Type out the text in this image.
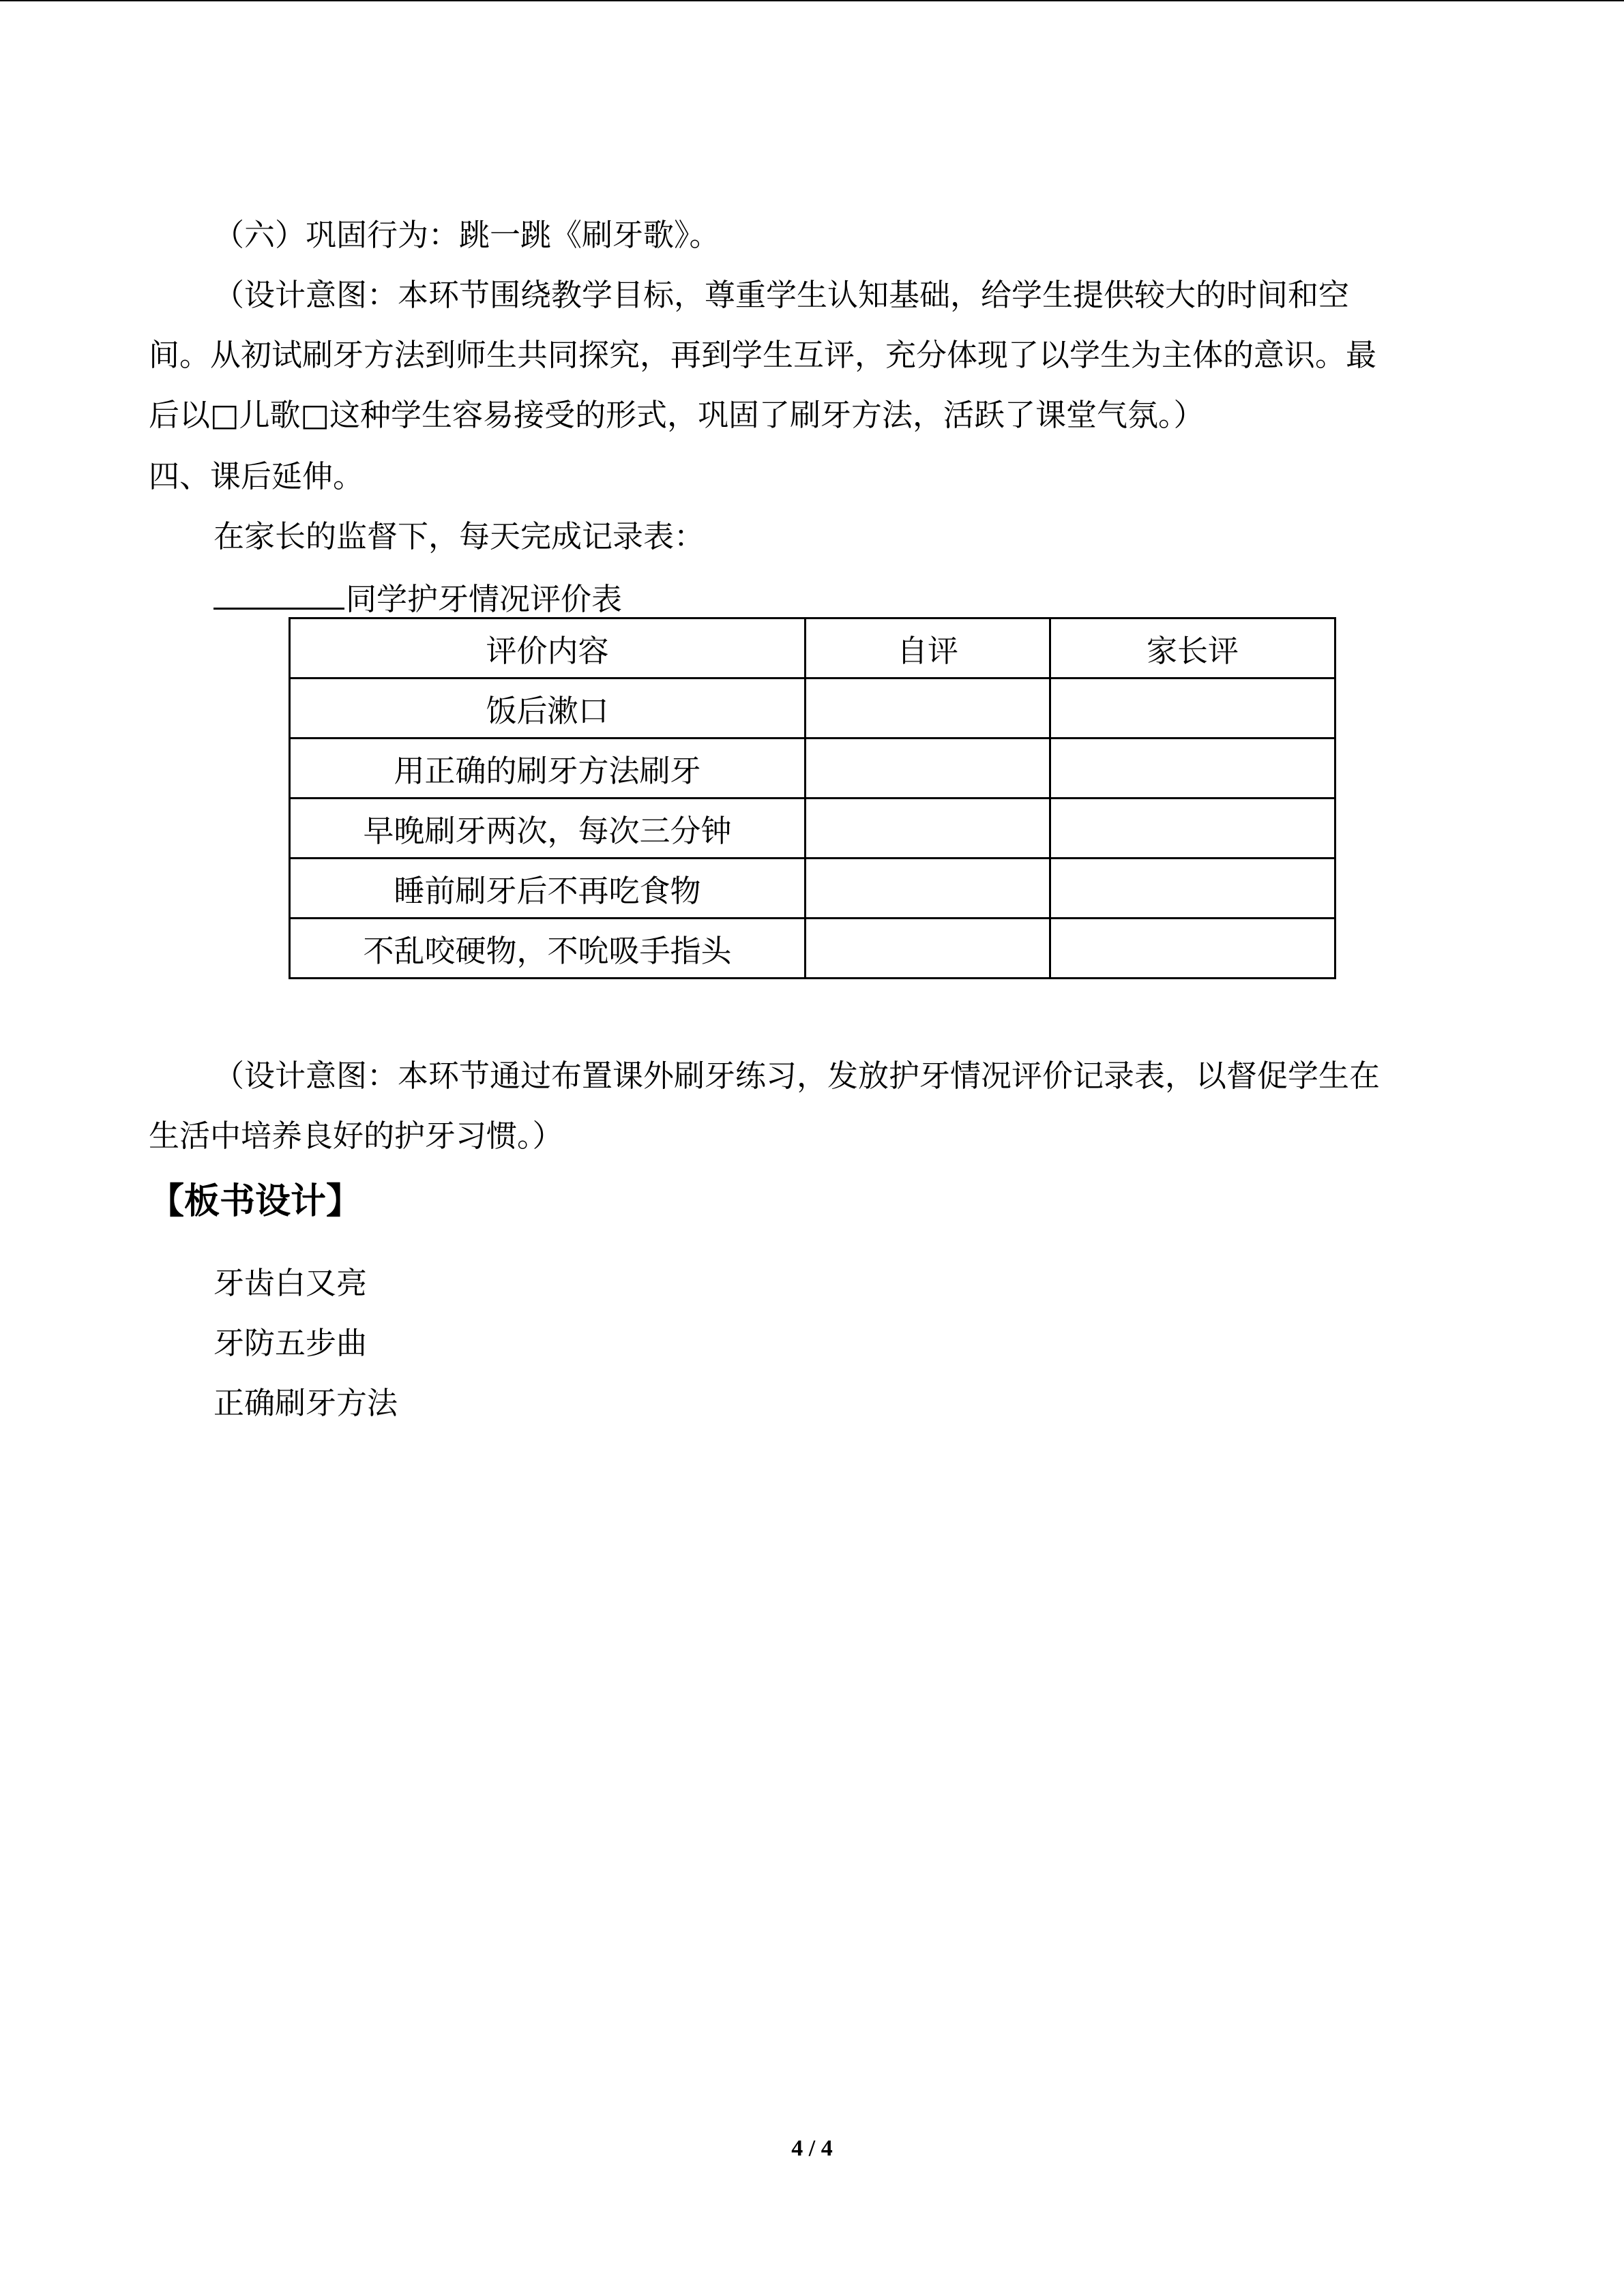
（六）巩固行为：跳一跳《刷牙歌》。
（设计意图：本环节围绕教学目标，尊重学生认知基础，给学生提供较大的时间和空
间。从初试刷牙方法到师生共同探究，再到学生互评，充分体现了以学生为主体的意识。最
后以□儿歌□这种学生容易接受的形式，巩固了刷牙方法，活跃了课堂气氛。）
四、课后延伸。
在家长的监督下，每天完成记录表：
同学护牙情况评价表
评价内容	自评	家长评
饭后漱口		
用正确的刷牙方法刷牙		
早晚刷牙两次，每次三分钟		
睡前刷牙后不再吃食物		
不乱咬硬物，不吮吸手指头		
（设计意图：本环节通过布置课外刷牙练习，发放护牙情况评价记录表，以督促学生在
生活中培养良好的护牙习惯。）
【板书设计】
牙齿白又亮
牙防五步曲
正确刷牙方法
4 / 4
